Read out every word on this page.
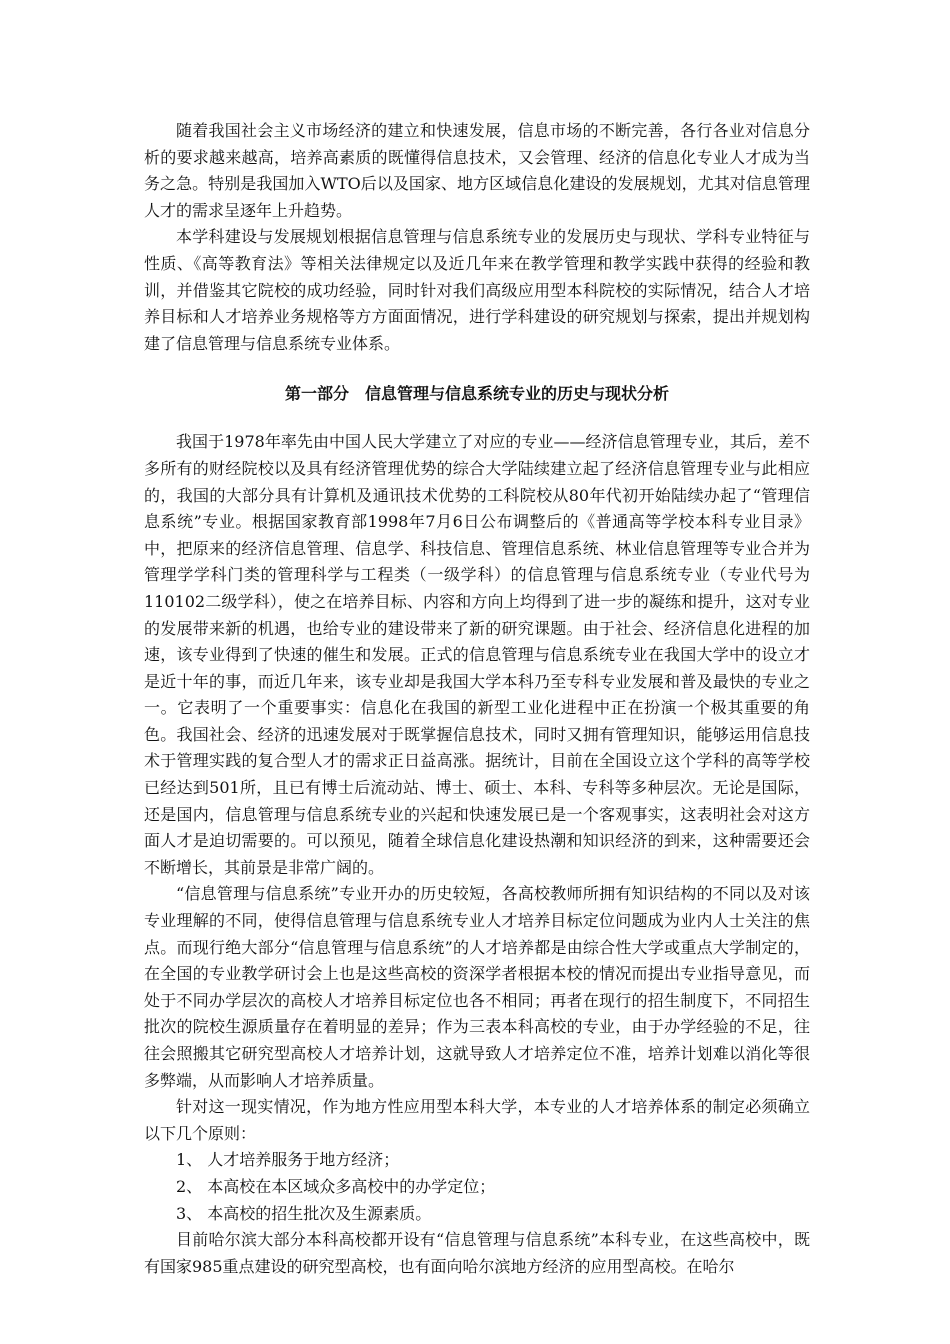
随着我国社会主义市场经济的建立和快速发展，信息市场的不断完善，各行各业对信息分析的要求越来越高，培养高素质的既懂得信息技术，又会管理、经济的信息化专业人才成为当务之急。特别是我国加入WTO后以及国家、地方区域信息化建设的发展规划，尤其对信息管理人才的需求呈逐年上升趋势。

本学科建设与发展规划根据信息管理与信息系统专业的发展历史与现状、学科专业特征与性质、《高等教育法》等相关法律规定以及近几年来在教学管理和教学实践中获得的经验和教训，并借鉴其它院校的成功经验，同时针对我们高级应用型本科院校的实际情况，结合人才培养目标和人才培养业务规格等方方面面情况，进行学科建设的研究规划与探索，提出并规划构建了信息管理与信息系统专业体系。

第一部分　信息管理与信息系统专业的历史与现状分析

我国于1978年率先由中国人民大学建立了对应的专业——经济信息管理专业，其后，差不多所有的财经院校以及具有经济管理优势的综合大学陆续建立起了经济信息管理专业与此相应的，我国的大部分具有计算机及通讯技术优势的工科院校从80年代初开始陆续办起了“管理信息系统”专业。根据国家教育部1998年7月6日公布调整后的《普通高等学校本科专业目录》中，把原来的经济信息管理、信息学、科技信息、管理信息系统、林业信息管理等专业合并为管理学学科门类的管理科学与工程类（一级学科）的信息管理与信息系统专业（专业代号为110102二级学科），使之在培养目标、内容和方向上均得到了进一步的凝练和提升，这对专业的发展带来新的机遇，也给专业的建设带来了新的研究课题。由于社会、经济信息化进程的加速，该专业得到了快速的催生和发展。正式的信息管理与信息系统专业在我国大学中的设立才是近十年的事，而近几年来，该专业却是我国大学本科乃至专科专业发展和普及最快的专业之一。它表明了一个重要事实：信息化在我国的新型工业化进程中正在扮演一个极其重要的角色。我国社会、经济的迅速发展对于既掌握信息技术，同时又拥有管理知识，能够运用信息技术于管理实践的复合型人才的需求正日益高涨。据统计，目前在全国设立这个学科的高等学校已经达到501所，且已有博士后流动站、博士、硕士、本科、专科等多种层次。无论是国际，还是国内，信息管理与信息系统专业的兴起和快速发展已是一个客观事实，这表明社会对这方面人才是迫切需要的。可以预见，随着全球信息化建设热潮和知识经济的到来，这种需要还会不断增长，其前景是非常广阔的。

“信息管理与信息系统”专业开办的历史较短，各高校教师所拥有知识结构的不同以及对该专业理解的不同，使得信息管理与信息系统专业人才培养目标定位问题成为业内人士关注的焦点。而现行绝大部分“信息管理与信息系统”的人才培养都是由综合性大学或重点大学制定的，在全国的专业教学研讨会上也是这些高校的资深学者根据本校的情况而提出专业指导意见，而处于不同办学层次的高校人才培养目标定位也各不相同；再者在现行的招生制度下，不同招生批次的院校生源质量存在着明显的差异；作为三表本科高校的专业，由于办学经验的不足，往往会照搬其它研究型高校人才培养计划，这就导致人才培养定位不准，培养计划难以消化等很多弊端，从而影响人才培养质量。

针对这一现实情况，作为地方性应用型本科大学，本专业的人才培养体系的制定必须确立以下几个原则：

1、 人才培养服务于地方经济；

2、 本高校在本区域众多高校中的办学定位；

3、 本高校的招生批次及生源素质。

目前哈尔滨大部分本科高校都开设有“信息管理与信息系统”本科专业，在这些高校中，既有国家985重点建设的研究型高校，也有面向哈尔滨地方经济的应用型高校。在哈尔
